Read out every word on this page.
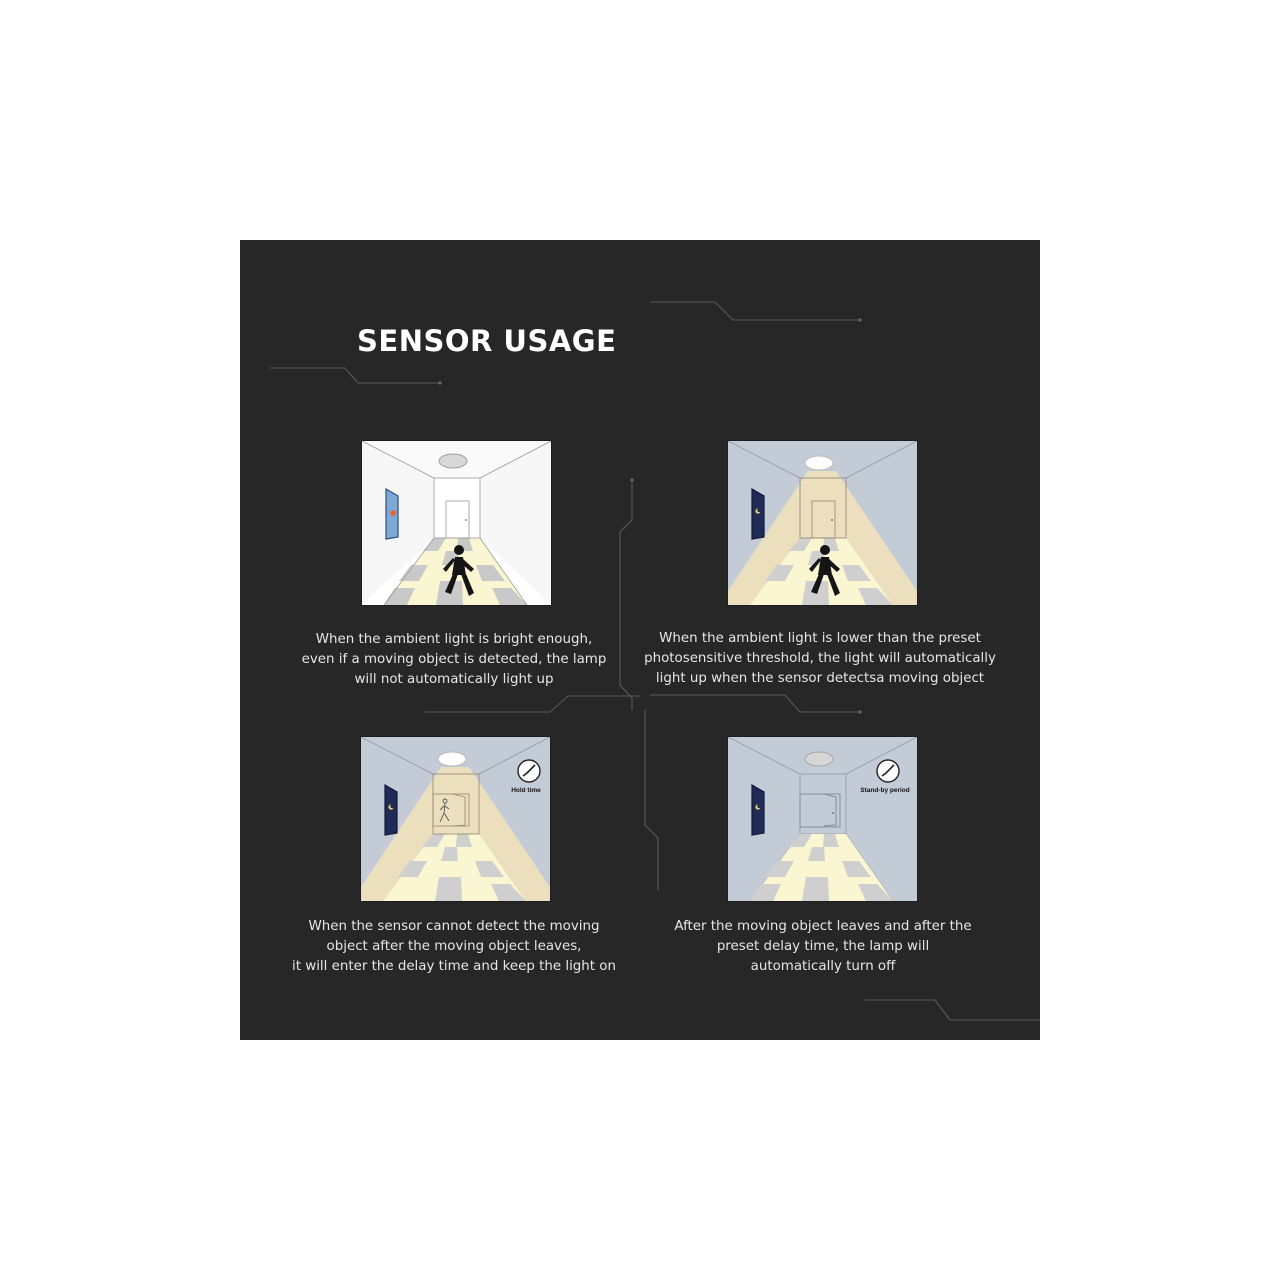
SENSOR USAGE

When the ambient light is bright enough,
even if a moving object is detected, the lamp
will not automatically light up

When the ambient light is lower than the preset
photosensitive threshold, the light will automatically
light up when the sensor detectsa moving object

Hold time

When the sensor cannot detect the moving
object after the moving object leaves,
it will enter the delay time and keep the light on

Stand-by period

After the moving object leaves and after the
preset delay time, the lamp will
automatically turn off
